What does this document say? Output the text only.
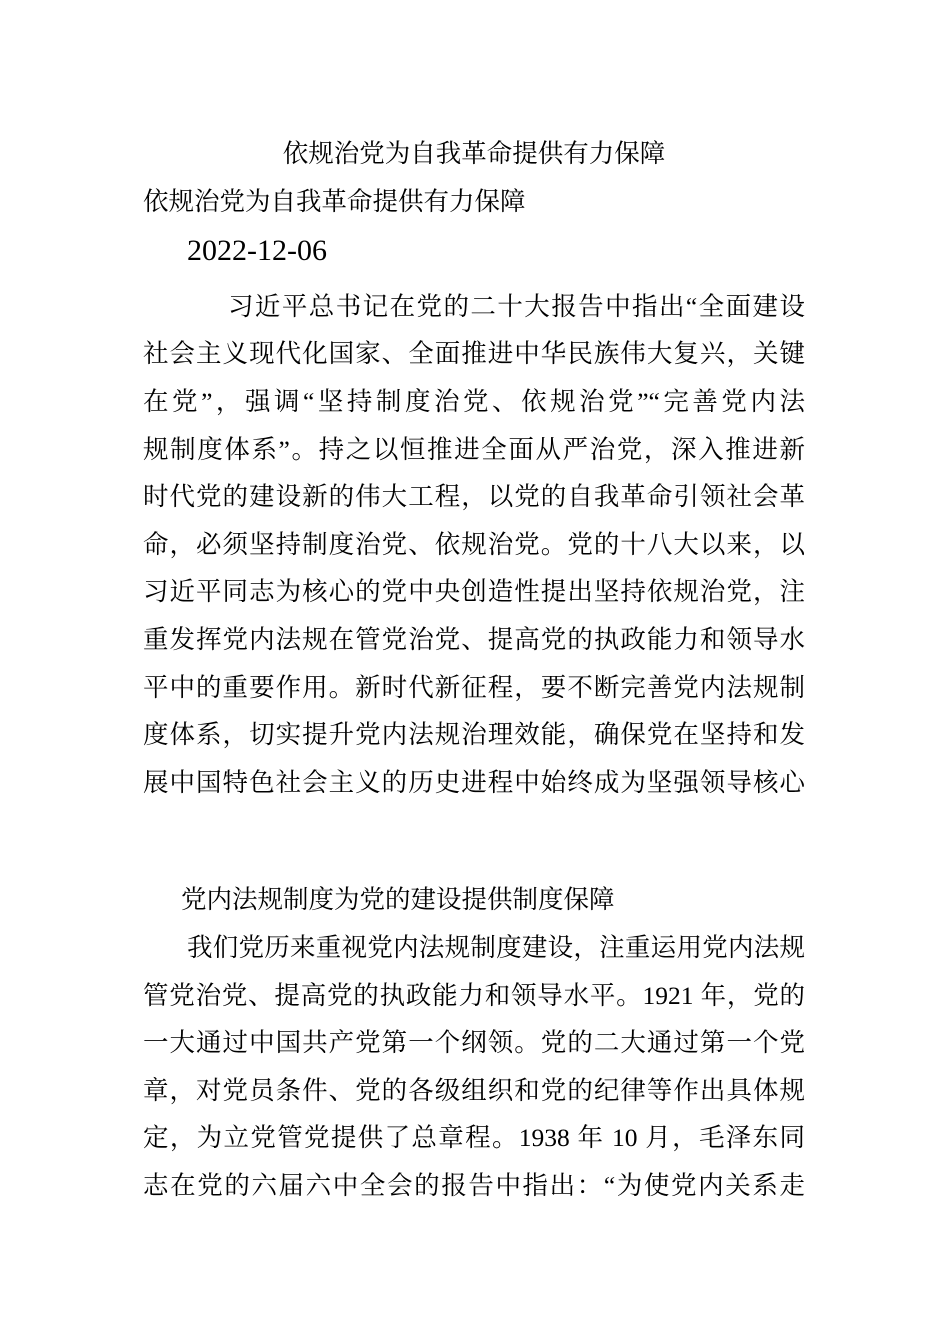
依规治党为自我革命提供有力保障
依规治党为自我革命提供有力保障
2022-12-06
习近平总书记在党的二十大报告中指出“全面建设
社会主义现代化国家、全面推进中华民族伟大复兴，关键
在党”，强调“坚持制度治党、依规治党”“完善党内法
规制度体系”。持之以恒推进全面从严治党，深入推进新
时代党的建设新的伟大工程，以党的自我革命引领社会革
命，必须坚持制度治党、依规治党。党的十八大以来，以
习近平同志为核心的党中央创造性提出坚持依规治党，注
重发挥党内法规在管党治党、提高党的执政能力和领导水
平中的重要作用。新时代新征程，要不断完善党内法规制
度体系，切实提升党内法规治理效能，确保党在坚持和发
展中国特色社会主义的历史进程中始终成为坚强领导核心
党内法规制度为党的建设提供制度保障
我们党历来重视党内法规制度建设，注重运用党内法规
管党治党、提高党的执政能力和领导水平。1921 年，党的
一大通过中国共产党第一个纲领。党的二大通过第一个党
章，对党员条件、党的各级组织和党的纪律等作出具体规
定，为立党管党提供了总章程。1938 年 10 月，毛泽东同
志在党的六届六中全会的报告中指出：“为使党内关系走
